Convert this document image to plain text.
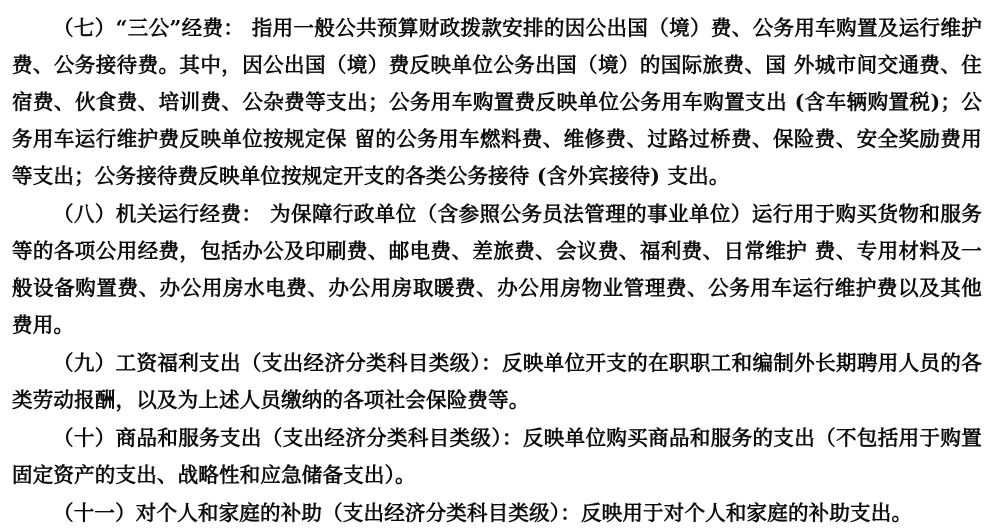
（七）“三公”经费： 指用一般公共预算财政拨款安排的因公出国（境）费、公务用车购置及运行维护费、公务接待费。其中，因公出国（境）费反映单位公务出国（境）的国际旅费、国 外城市间交通费、住宿费、伙食费、培训费、公杂费等支出；公务用车购置费反映单位公务用车购置支出 (含车辆购置税)；公务用车运行维护费反映单位按规定保 留的公务用车燃料费、维修费、过路过桥费、保险费、安全奖励费用等支出；公务接待费反映单位按规定开支的各类公务接待 (含外宾接待) 支出。

（八）机关运行经费： 为保障行政单位（含参照公务员法管理的事业单位）运行用于购买货物和服务等的各项公用经费，包括办公及印刷费、邮电费、差旅费、会议费、福利费、日常维护 费、专用材料及一般设备购置费、办公用房水电费、办公用房取暖费、办公用房物业管理费、公务用车运行维护费以及其他费用。

（九）工资福利支出（支出经济分类科目类级）：反映单位开支的在职职工和编制外长期聘用人员的各类劳动报酬，以及为上述人员缴纳的各项社会保险费等。

（十）商品和服务支出（支出经济分类科目类级）：反映单位购买商品和服务的支出（不包括用于购置固定资产的支出、战略性和应急储备支出）。

（十一）对个人和家庭的补助（支出经济分类科目类级）：反映用于对个人和家庭的补助支出。
